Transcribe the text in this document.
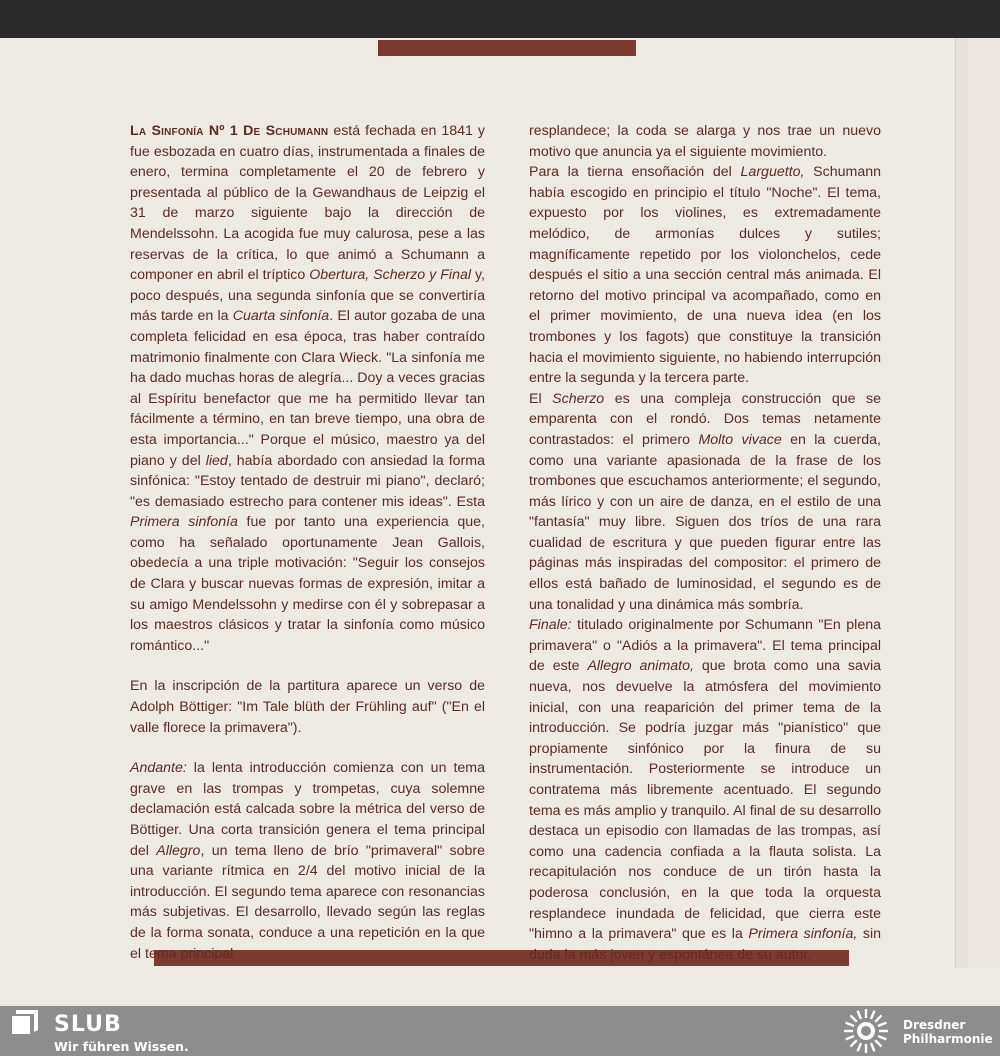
La Sinfonía Nº 1 De Schumann está fechada en 1841 y fue esbozada en cuatro días, instrumentada a finales de enero, termina completamente el 20 de febrero y presentada al público de la Gewandhaus de Leipzig el 31 de marzo siguiente bajo la dirección de Mendelssohn. La acogida fue muy calurosa, pese a las reservas de la crítica, lo que animó a Schumann a componer en abril el tríptico Obertura, Scherzo y Final y, poco después, una segunda sinfonía que se convertiría más tarde en la Cuarta sinfonía. El autor gozaba de una completa felicidad en esa época, tras haber contraído matrimonio finalmente con Clara Wieck. "La sinfonía me ha dado muchas horas de alegría... Doy a veces gracias al Espíritu benefactor que me ha permitido llevar tan fácilmente a término, en tan breve tiempo, una obra de esta importancia..." Porque el músico, maestro ya del piano y del lied, había abordado con ansiedad la forma sinfónica: "Estoy tentado de destruir mi piano", declaró; "es demasiado estrecho para contener mis ideas". Esta Primera sinfonía fue por tanto una experiencia que, como ha señalado oportunamente Jean Gallois, obedecía a una triple motivación: "Seguir los consejos de Clara y buscar nuevas formas de expresión, imitar a su amigo Mendelssohn y medirse con él y sobrepasar a los maestros clásicos y tratar la sinfonía como músico romántico..."

En la inscripción de la partitura aparece un verso de Adolph Böttiger: "Im Tale blüth der Frühling auf" ("En el valle florece la primavera").

Andante: la lenta introducción comienza con un tema grave en las trompas y trompetas, cuya solemne declamación está calcada sobre la métrica del verso de Böttiger. Una corta transición genera el tema principal del Allegro, un tema lleno de brío "primaveral" sobre una variante rítmica en 2/4 del motivo inicial de la introducción. El segundo tema aparece con resonancias más subjetivas. El desarrollo, llevado según las reglas de la forma sonata, conduce a una repetición en la que el tema principal

resplandece; la coda se alarga y nos trae un nuevo motivo que anuncia ya el siguiente movimiento.

Para la tierna ensoñación del Larguetto, Schumann había escogido en principio el título "Noche". El tema, expuesto por los violines, es extremadamente melódico, de armonías dulces y sutiles; magníficamente repetido por los violonchelos, cede después el sitio a una sección central más animada. El retorno del motivo principal va acompañado, como en el primer movimiento, de una nueva idea (en los trombones y los fagots) que constituye la transición hacia el movimiento siguiente, no habiendo interrupción entre la segunda y la tercera parte.

El Scherzo es una compleja construcción que se emparenta con el rondó. Dos temas netamente contrastados: el primero Molto vivace en la cuerda, como una variante apasionada de la frase de los trombones que escuchamos anteriormente; el segundo, más lírico y con un aire de danza, en el estilo de una "fantasía" muy libre. Siguen dos tríos de una rara cualidad de escritura y que pueden figurar entre las páginas más inspiradas del compositor: el primero de ellos está bañado de luminosidad, el segundo es de una tonalidad y una dinámica más sombría.

Finale: titulado originalmente por Schumann "En plena primavera" o "Adiós a la primavera". El tema principal de este Allegro animato, que brota como una savia nueva, nos devuelve la atmósfera del movimiento inicial, con una reaparición del primer tema de la introducción. Se podría juzgar más "pianístico" que propiamente sinfónico por la finura de su instrumentación. Posteriormente se introduce un contratema más libremente acentuado. El segundo tema es más amplio y tranquilo. Al final de su desarrollo destaca un episodio con llamadas de las trompas, así como una cadencia confiada a la flauta solista. La recapitulación nos conduce de un tirón hasta la poderosa conclusión, en la que toda la orquesta resplandece inundada de felicidad, que cierra este "himno a la primavera" que es la Primera sinfonía, sin duda la más joven y espontánea de su autor.

SLUB
Wir führen Wissen.
Dresdner
Philharmonie
